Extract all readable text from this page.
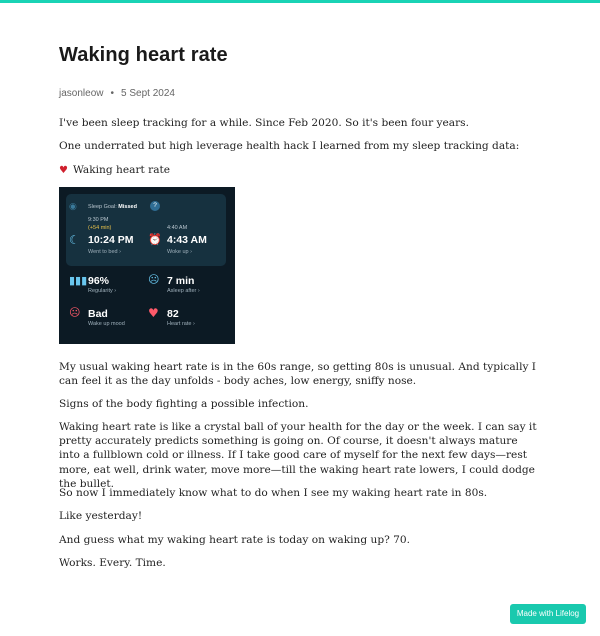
Waking heart rate
jasonleow • 5 Sept 2024

I've been sleep tracking for a while. Since Feb 2020. So it's been four years.

One underrated but high leverage health hack I learned from my sleep tracking data:

♥ Waking heart rate
◉ Sleep Goal: Missed	?
9:30 PM
(+54 min)
☾ 10:24 PM
Went to bed ›
4:40 AM
⏰ 4:43 AM
Woke up ›
▮▮▮ 96%
Regularity ›
☹ 7 min
Asleep after ›
☹ Bad
Wake up mood
♥ 82
Heart rate ›

My usual waking heart rate is in the 60s range, so getting 80s is unusual. And typically I can feel it as the day unfolds - body aches, low energy, sniffy nose.

Signs of the body fighting a possible infection.

Waking heart rate is like a crystal ball of your health for the day or the week. I can say it pretty accurately predicts something is going on. Of course, it doesn't always mature into a fullblown cold or illness. If I take good care of myself for the next few days—rest more, eat well, drink water, move more—till the waking heart rate lowers, I could dodge the bullet.

So now I immediately know what to do when I see my waking heart rate in 80s.

Like yesterday!

And guess what my waking heart rate is today on waking up? 70.

Works. Every. Time.

Made with Lifelog
